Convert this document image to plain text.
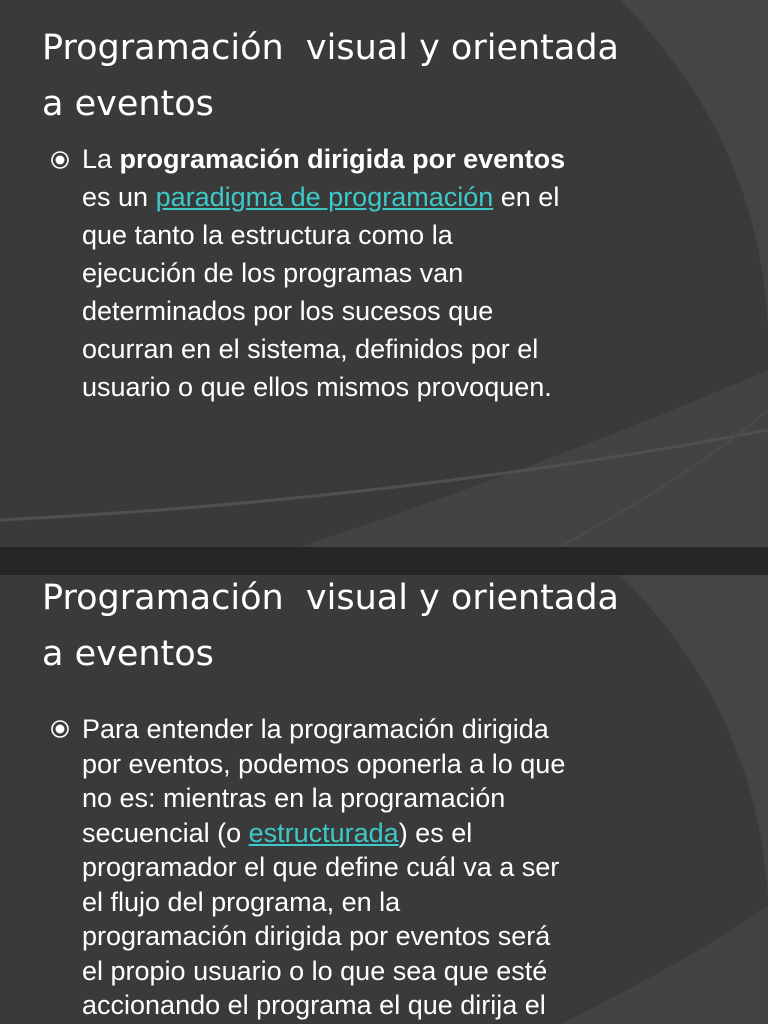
Programación  visual y orientada
a eventos

La programación dirigida por eventos
es un paradigma de programación en el
que tanto la estructura como la
ejecución de los programas van
determinados por los sucesos que
ocurran en el sistema, definidos por el
usuario o que ellos mismos provoquen.

Programación  visual y orientada
a eventos

Para entender la programación dirigida
por eventos, podemos oponerla a lo que
no es: mientras en la programación
secuencial (o estructurada) es el
programador el que define cuál va a ser
el flujo del programa, en la
programación dirigida por eventos será
el propio usuario o lo que sea que esté
accionando el programa el que dirija el
